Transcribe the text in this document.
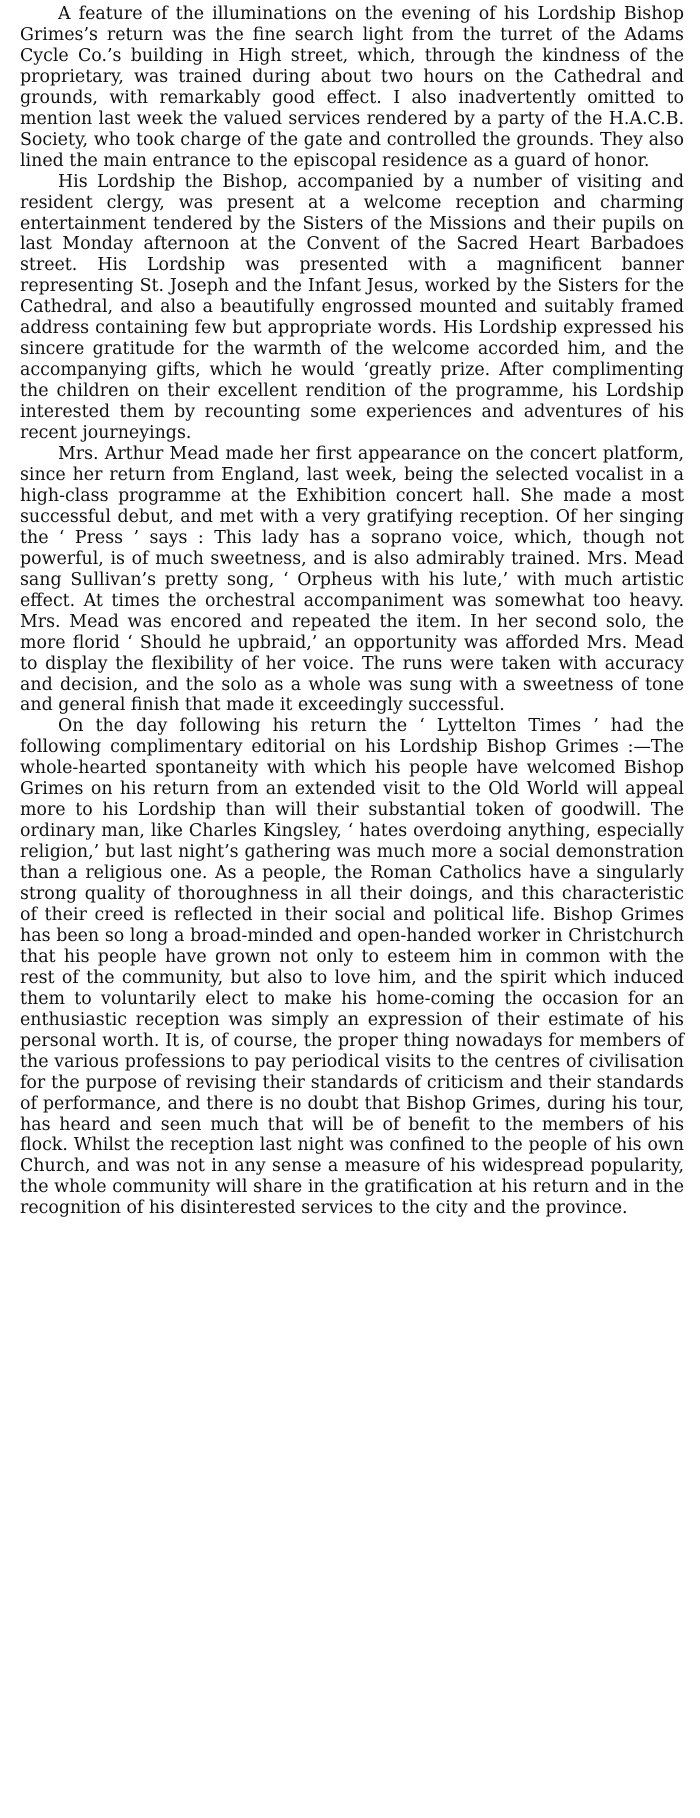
A feature of the illuminations on the evening of his Lordship Bishop Grimes’s return was the fine search light from the turret of the Adams Cycle Co.’s building in High street, which, through the kindness of the proprietary, was trained during about two hours on the Cathedral and grounds, with remarkably good effect. I also inadvertently omitted to mention last week the valued services rendered by a party of the H.A.C.B. Society, who took charge of the gate and controlled the grounds. They also lined the main entrance to the episcopal residence as a guard of honor.

His Lordship the Bishop, accompanied by a number of visiting and resident clergy, was present at a welcome reception and charming entertainment tendered by the Sisters of the Missions and their pupils on last Monday afternoon at the Convent of the Sacred Heart Barbadoes street. His Lordship was presented with a magnificent banner representing St. Joseph and the Infant Jesus, worked by the Sisters for the Cathedral, and also a beautifully engrossed mounted and suitably framed address containing few but appropriate words. His Lordship expressed his sincere gratitude for the warmth of the welcome accorded him, and the accompanying gifts, which he would ‘greatly prize. After complimenting the children on their excellent rendition of the programme, his Lordship interested them by recounting some experiences and adventures of his recent journeyings.

Mrs. Arthur Mead made her first appearance on the concert platform, since her return from England, last week, being the selected vocalist in a high-class programme at the Exhibition concert hall. She made a most successful debut, and met with a very gratifying reception. Of her singing the ‘ Press ’ says : This lady has a soprano voice, which, though not powerful, is of much sweetness, and is also admirably trained. Mrs. Mead sang Sullivan’s pretty song, ‘ Orpheus with his lute,’ with much artistic effect. At times the orchestral accompaniment was somewhat too heavy. Mrs. Mead was encored and repeated the item. In her second solo, the more florid ‘ Should he upbraid,’ an opportunity was afforded Mrs. Mead to display the flexibility of her voice. The runs were taken with accuracy and decision, and the solo as a whole was sung with a sweetness of tone and general finish that made it exceedingly successful.

On the day following his return the ‘ Lyttelton Times ’ had the following complimentary editorial on his Lordship Bishop Grimes :—The whole-hearted spontaneity with which his people have welcomed Bishop Grimes on his return from an extended visit to the Old World will appeal more to his Lordship than will their substantial token of goodwill. The ordinary man, like Charles Kingsley, ‘ hates overdoing anything, especially religion,’ but last night’s gathering was much more a social demonstration than a religious one. As a people, the Roman Catholics have a singularly strong quality of thoroughness in all their doings, and this characteristic of their creed is reflected in their social and political life. Bishop Grimes has been so long a broad-minded and open-handed worker in Christchurch that his people have grown not only to esteem him in common with the rest of the community, but also to love him, and the spirit which induced them to voluntarily elect to make his home-coming the occasion for an enthusiastic reception was simply an expression of their estimate of his personal worth. It is, of course, the proper thing nowadays for members of the various professions to pay periodical visits to the centres of civilisation for the purpose of revising their standards of criticism and their standards of performance, and there is no doubt that Bishop Grimes, during his tour, has heard and seen much that will be of benefit to the members of his flock. Whilst the reception last night was confined to the people of his own Church, and was not in any sense a measure of his widespread popularity, the whole community will share in the gratification at his return and in the recognition of his disinterested services to the city and the province.
